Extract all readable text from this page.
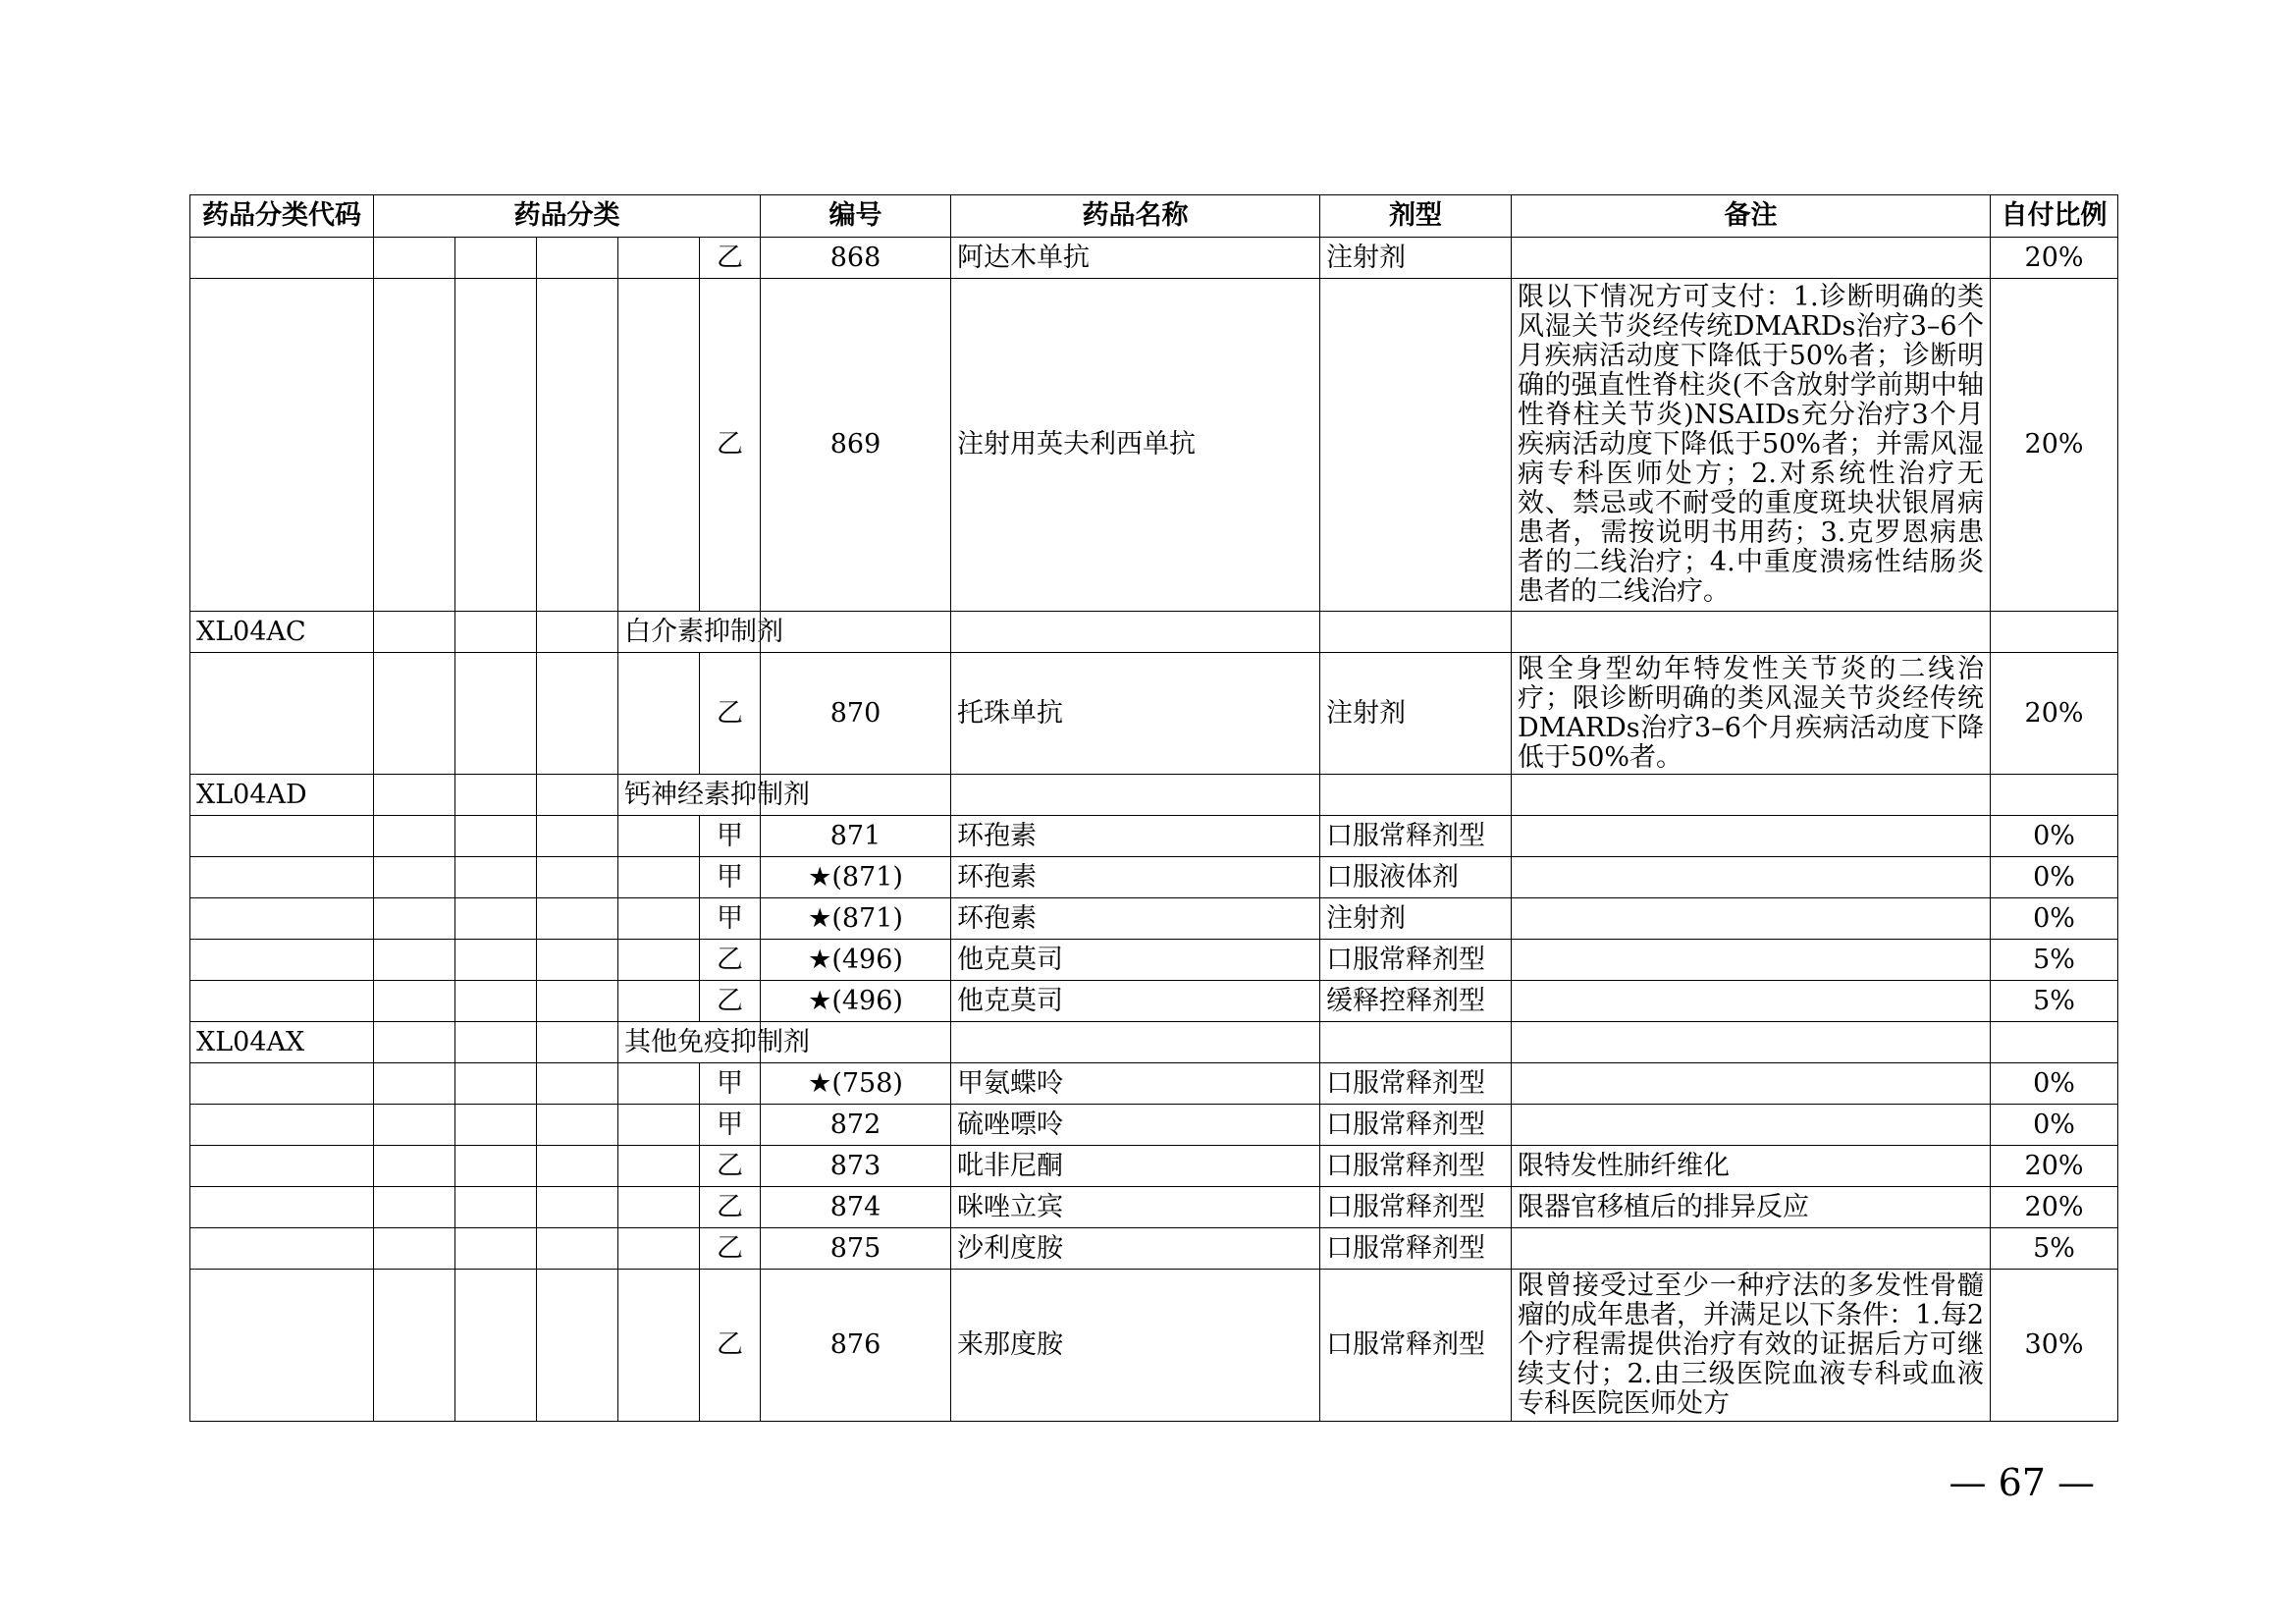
药品分类代码	药品分类					编号	药品名称	剂型	备注	自付比例
					乙	868	阿达木单抗	注射剂		20%
					乙	869	注射用英夫利西单抗		限以下情况方可支付：1.诊断明确的类风湿关节炎经传统DMARDs治疗3–6个月疾病活动度下降低于50%者；诊断明确的强直性脊柱炎(不含放射学前期中轴性脊柱关节炎)NSAIDs充分治疗3个月疾病活动度下降低于50%者；并需风湿病专科医师处方；2.对系统性治疗无效、禁忌或不耐受的重度斑块状银屑病患者，需按说明书用药；3.克罗恩病患者的二线治疗；4.中重度溃疡性结肠炎患者的二线治疗。	20%
XL04AC				白介素抑制剂						
					乙	870	托珠单抗	注射剂	限全身型幼年特发性关节炎的二线治疗；限诊断明确的类风湿关节炎经传统DMARDs治疗3–6个月疾病活动度下降低于50%者。	20%
XL04AD				钙神经素抑制剂						
					甲	871	环孢素	口服常释剂型		0%
					甲	★(871)	环孢素	口服液体剂		0%
					甲	★(871)	环孢素	注射剂		0%
					乙	★(496)	他克莫司	口服常释剂型		5%
					乙	★(496)	他克莫司	缓释控释剂型		5%
XL04AX				其他免疫抑制剂						
					甲	★(758)	甲氨蝶呤	口服常释剂型		0%
					甲	872	硫唑嘌呤	口服常释剂型		0%
					乙	873	吡非尼酮	口服常释剂型	限特发性肺纤维化	20%
					乙	874	咪唑立宾	口服常释剂型	限器官移植后的排异反应	20%
					乙	875	沙利度胺	口服常释剂型		5%
					乙	876	来那度胺	口服常释剂型	限曾接受过至少一种疗法的多发性骨髓瘤的成年患者，并满足以下条件：1.每2个疗程需提供治疗有效的证据后方可继续支付；2.由三级医院血液专科或血液专科医院医师处方	30%
— 67 —
